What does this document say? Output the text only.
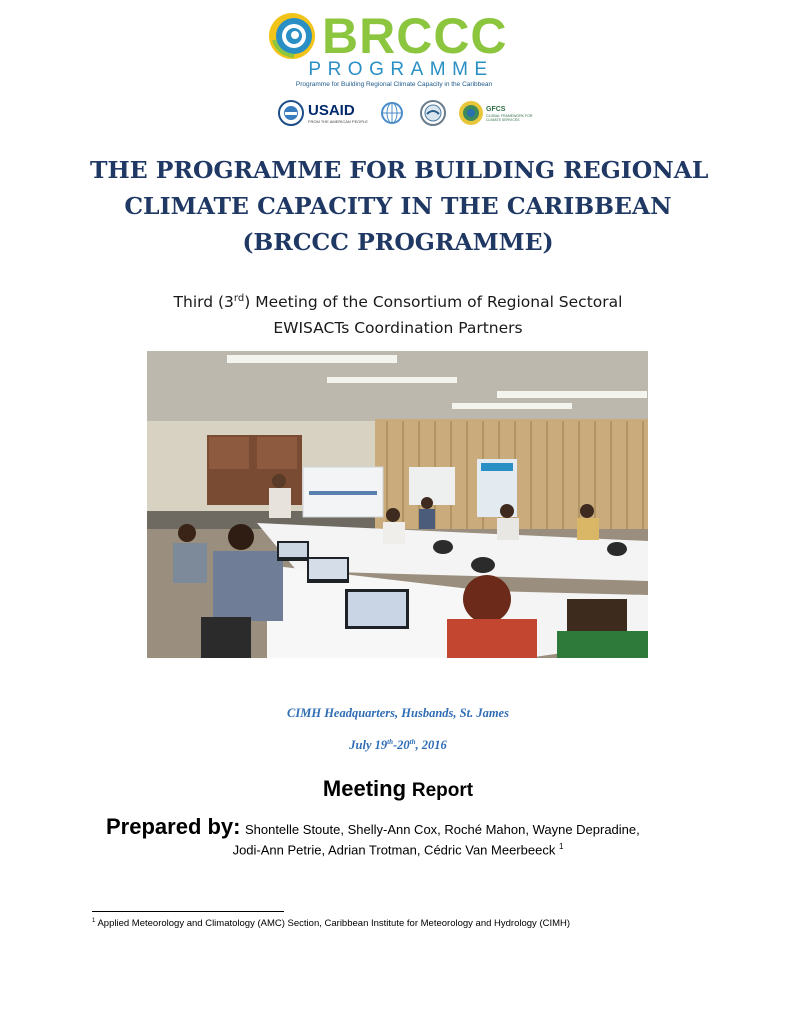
BRCCC
PROGRAMME
Programme for Building Regional Climate Capacity in the Caribbean
USAID
FROM THE AMERICAN PEOPLE
GFCS
GLOBAL FRAMEWORK FOR CLIMATE SERVICES
THE PROGRAMME FOR BUILDING REGIONAL
CLIMATE CAPACITY IN THE CARIBBEAN
(BRCCC PROGRAMME)
Third (3rd) Meeting of the Consortium of Regional Sectoral
EWISACTs Coordination Partners
CIMH Headquarters, Husbands, St. James
July 19th-20th, 2016
Meeting Report
Prepared by: Shontelle Stoute, Shelly-Ann Cox, Roché Mahon, Wayne Depradine,
Jodi-Ann Petrie, Adrian Trotman, Cédric Van Meerbeeck $^1$
$^1$ Applied Meteorology and Climatology (AMC) Section, Caribbean Institute for Meteorology and Hydrology (CIMH)
